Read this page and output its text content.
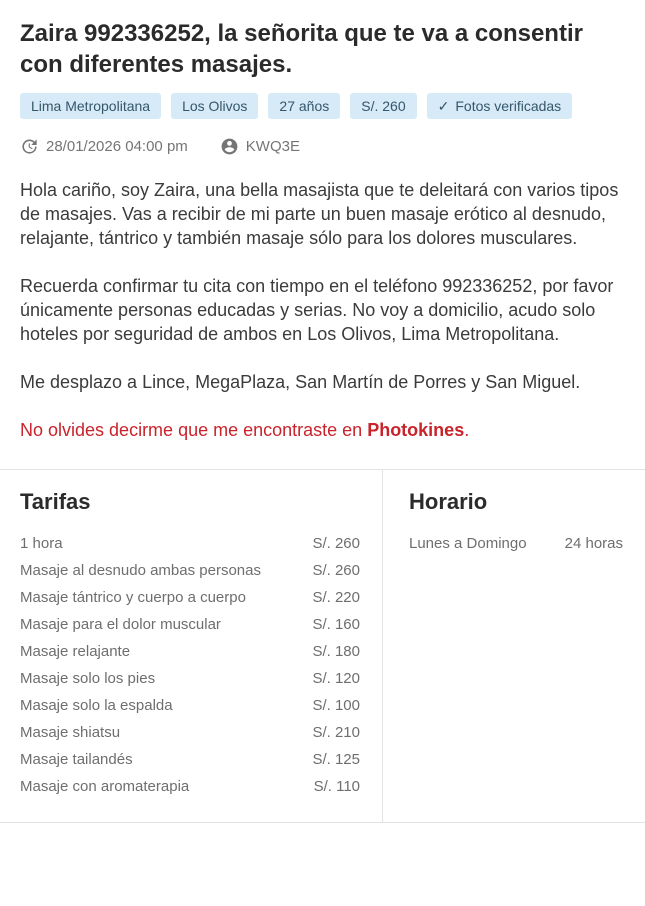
Zaira 992336252, la señorita que te va a consentir con diferentes masajes.
Lima Metropolitana	Los Olivos	27 años	S/. 260	✓ Fotos verificadas
28/01/2026 04:00 pm	KWQ3E

Hola cariño, soy Zaira, una bella masajista que te deleitará con varios tipos de masajes. Vas a recibir de mi parte un buen masaje erótico al desnudo, relajante, tántrico y también masaje sólo para los dolores musculares.

Recuerda confirmar tu cita con tiempo en el teléfono 992336252, por favor únicamente personas educadas y serias. No voy a domicilio, acudo solo hoteles por seguridad de ambos en Los Olivos, Lima Metropolitana.

Me desplazo a Lince, MegaPlaza, San Martín de Porres y San Miguel.

No olvides decirme que me encontraste en Photokines.

Tarifas
1 hora	S/. 260
Masaje al desnudo ambas personas	S/. 260
Masaje tántrico y cuerpo a cuerpo	S/. 220
Masaje para el dolor muscular	S/. 160
Masaje relajante	S/. 180
Masaje solo los pies	S/. 120
Masaje solo la espalda	S/. 100
Masaje shiatsu	S/. 210
Masaje tailandés	S/. 125
Masaje con aromaterapia	S/. 110
Horario
Lunes a Domingo	24 horas
